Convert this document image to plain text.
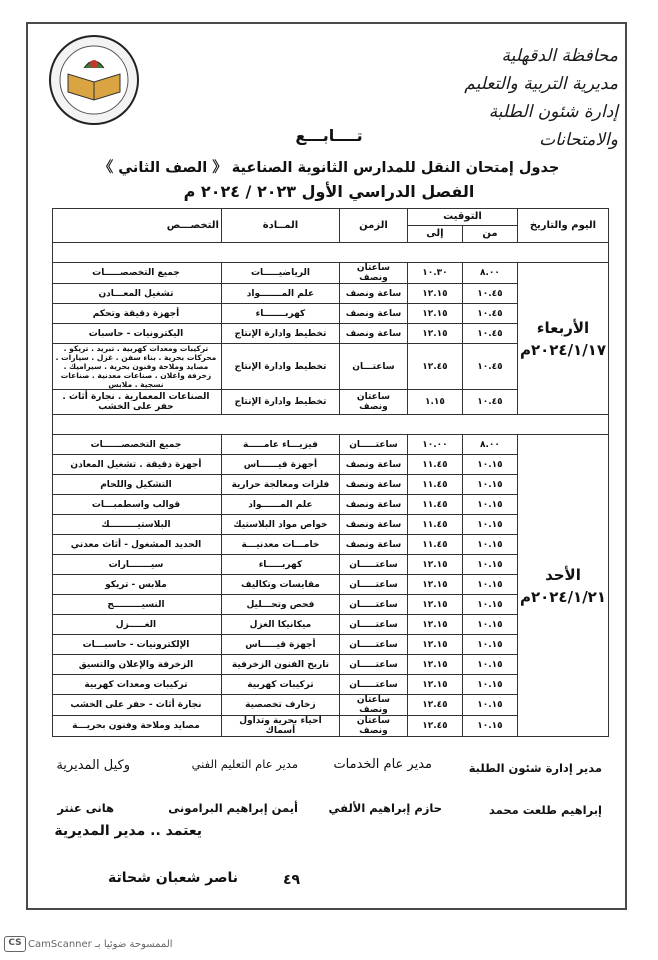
محافظة الدقهلية
مديرية التربية والتعليم
إدارة شئون الطلبة والامتحانات
تــــابـــع
جدول إمتحان النقل للمدارس الثانوية الصناعية 《 الصف الثاني 》
الفصل الدراسي الأول ٢٠٢٣ / ٢٠٢٤ م
اليوم والتاريخ	التوقيت		الزمن	المــادة	التخصـــص
	من	إلى			

الأربعاء
٢٠٢٤/١/١٧م	٨.٠٠	١٠.٣٠	ساعتان ونصف	الرياضيـــــات	جميع التخصصـــــات
	١٠.٤٥	١٢.١٥	ساعة ونصف	علم المـــــــواد	تشغيل المعـــادن
	١٠.٤٥	١٢.١٥	ساعة ونصف	كهربـــــــاء	أجهزة دقيقة وتحكم
	١٠.٤٥	١٢.١٥	ساعة ونصف	تخطيط وادارة الإنتاج	اليكترونيات - حاسبات
	١٠.٤٥	١٢.٤٥	ساعتـــان	تخطيط وادارة الإنتاج	تركيبات ومعدات كهربية . تبريد . تريكو . محركات بحرية . بناء سفن . غزل . سيارات . مصايد وملاحة وفنون بحرية . سيراميك . زخرفة واعلان . صناعات معدنية . صناعات نسجية . ملابس
	١٠.٤٥	١.١٥	ساعتان ونصف	تخطيط وادارة الإنتاج	الصناعات المعمارية . نجارة أثاث . حفر على الخشب

الأحد
٢٠٢٤/١/٢١م	٨.٠٠	١٠.٠٠	ساعتـــــان	فيزيـــاء عامـــــة	جميع التخصصــــــات
	١٠.١٥	١١.٤٥	ساعة ونصف	أجهزة قيــــــاس	أجهزة دقيقة . تشغيل المعادن
	١٠.١٥	١١.٤٥	ساعة ونصف	فلزات ومعالجة حرارية	التشكيل واللحام
	١٠.١٥	١١.٤٥	ساعة ونصف	علم المــــــواد	قوالب واسطمبـــات
	١٠.١٥	١١.٤٥	ساعة ونصف	خواص مواد البلاستيك	البلاستيـــــــــك
	١٠.١٥	١١.٤٥	ساعة ونصف	خامـــات معدنيـــة	الحديد المشغول - أثاث معدني
	١٠.١٥	١٢.١٥	ساعتـــــان	كهربـــــاء	سيـــــــارات
	١٠.١٥	١٢.١٥	ساعتـــــان	مقايسات وتكاليف	ملابس - تريكو
	١٠.١٥	١٢.١٥	ساعتـــــان	فحص وتحـــليل	النسيـــــــــج
	١٠.١٥	١٢.١٥	ساعتـــــان	ميكانيكا الغزل	الغـــــزل
	١٠.١٥	١٢.١٥	ساعتـــــان	أجهزة قيـــــاس	الإلكترونيات - حاسبـــات
	١٠.١٥	١٢.١٥	ساعتـــــان	تاريخ الفنون الزخرفية	الزخرفة والإعلان والتسيق
	١٠.١٥	١٢.١٥	ساعتـــــان	تركيبات كهربية	تركيبات ومعدات كهربية
	١٠.١٥	١٢.٤٥	ساعتان ونصف	زخارف تخصصية	نجارة أثاث - حفر على الخشب
	١٠.١٥	١٢.٤٥	ساعتان ونصف	أحياء بحرية وتداول أسماك	مصايد وملاحة وفنون بحريـــة
مدير إدارة شئون الطلبة
مدير عام الخدمات
مدير عام التعليم الفني
وكيل المديرية
إبراهيم طلعت محمد
حازم إبراهيم الألفي
أيمن إبراهيم البرامونى
هانى عنتر
يعتمد .. مدير المديرية
ناصر شعبان شحاتة	٤٩
CS الممسوحة ضوئيا بـ CamScanner
